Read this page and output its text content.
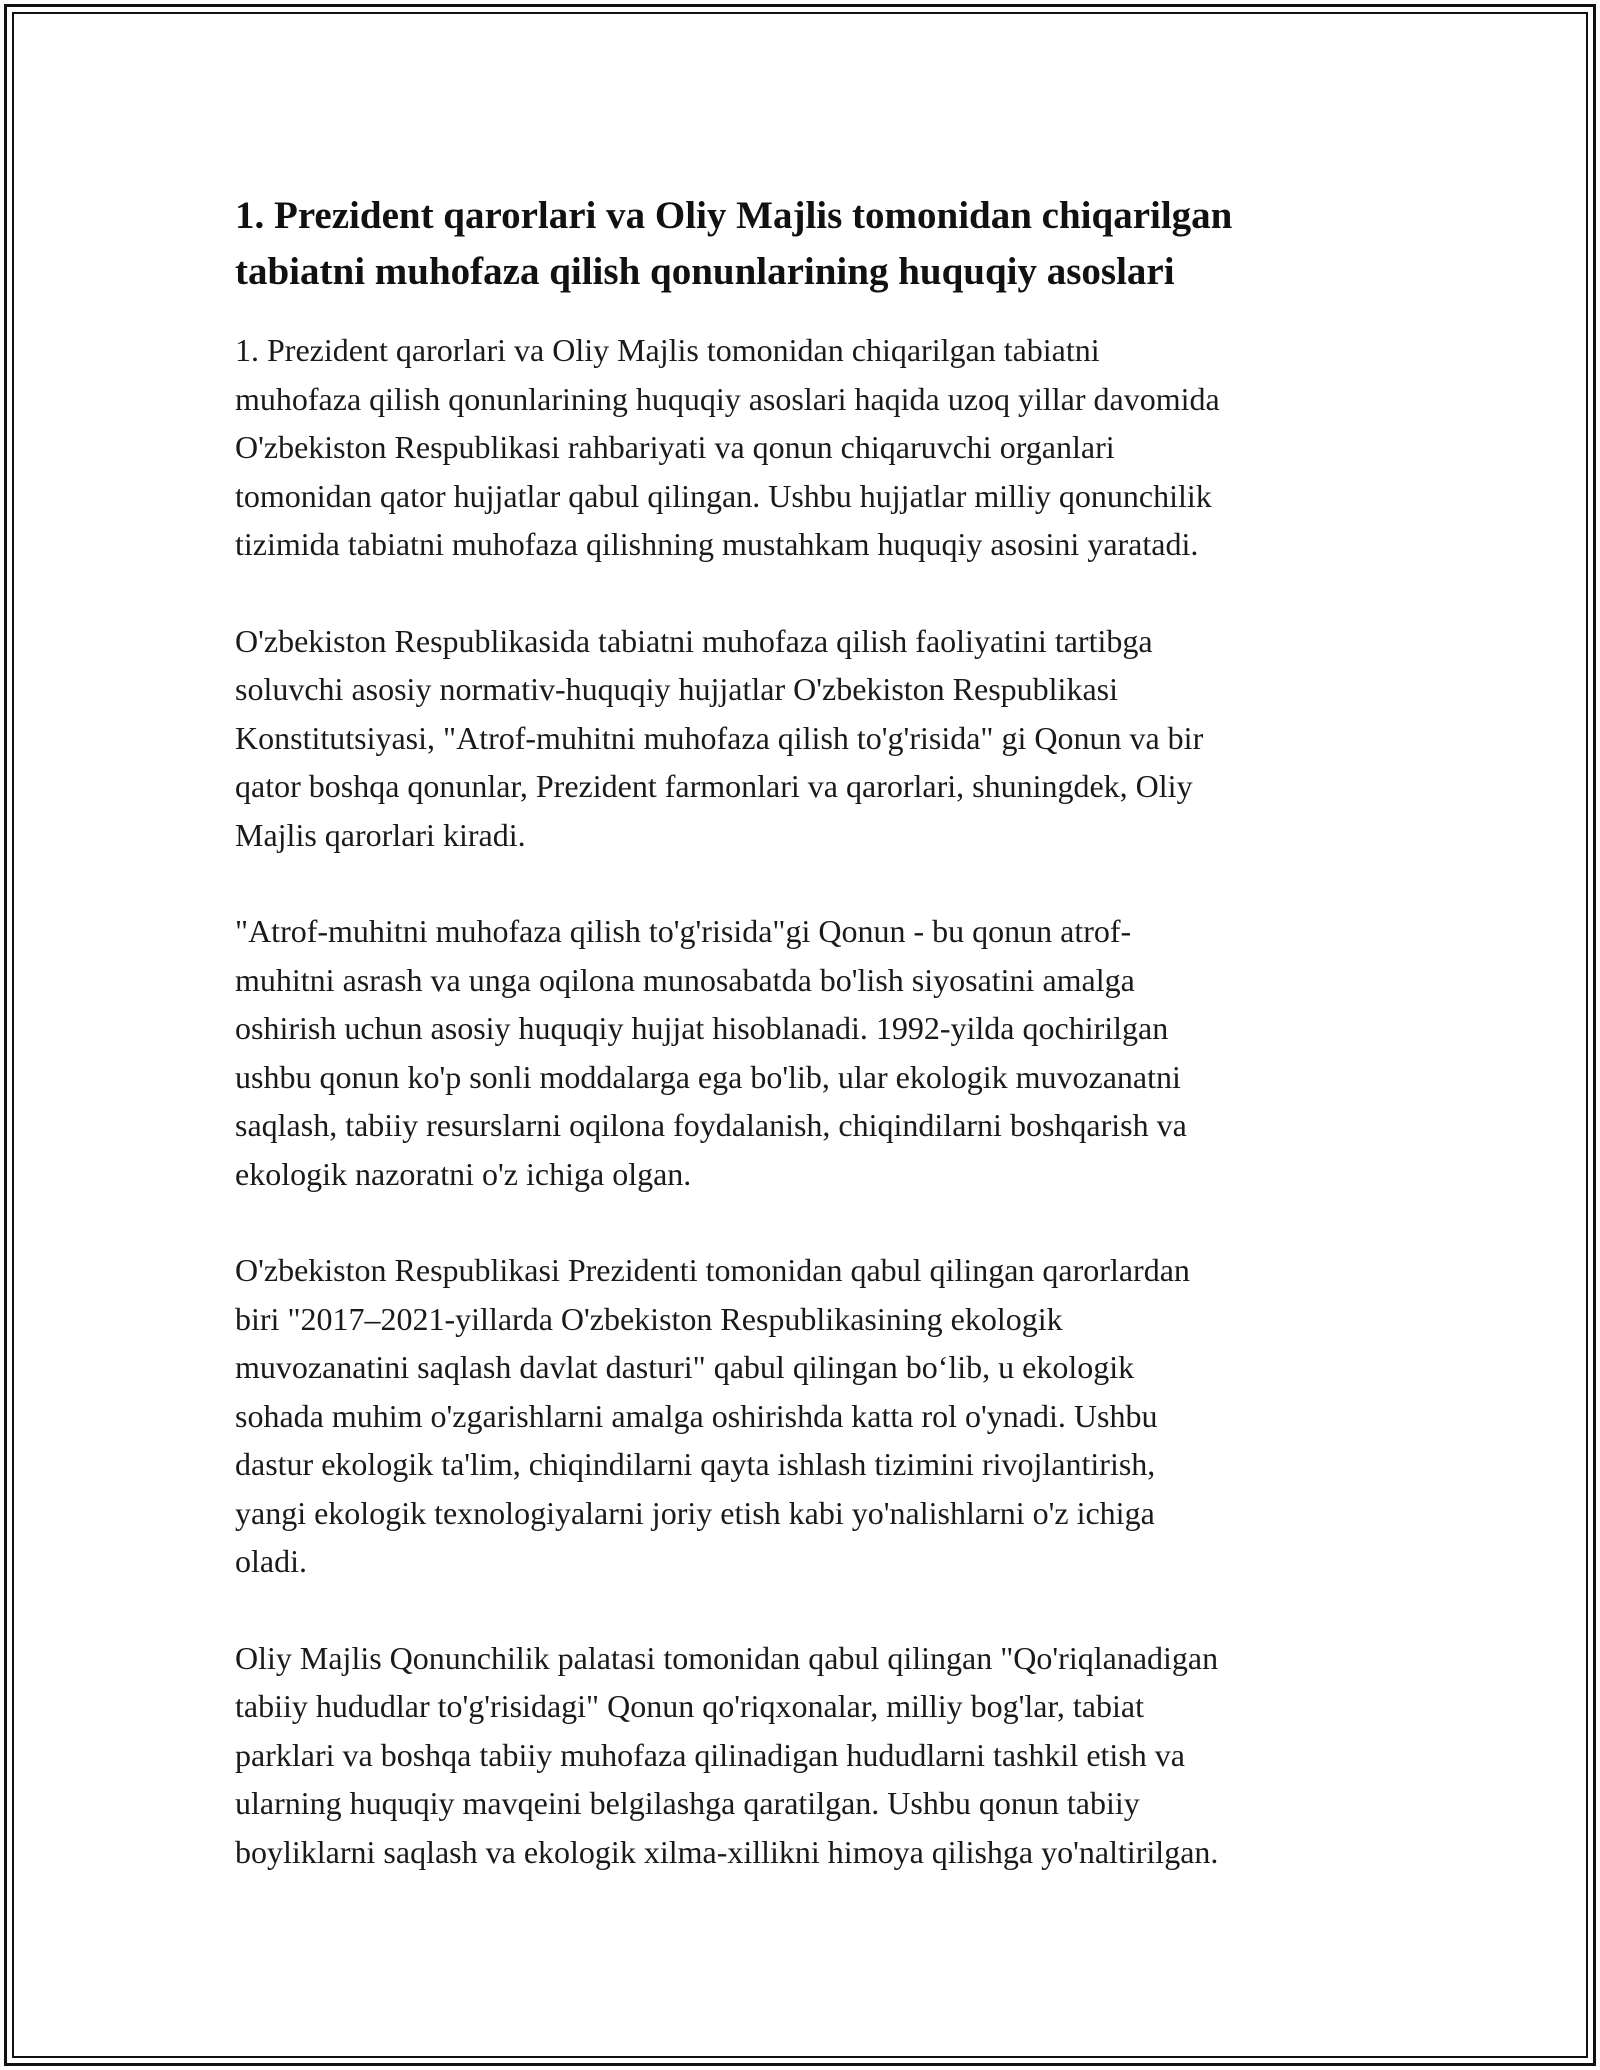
1. Prezident qarorlari va Oliy Majlis tomonidan chiqarilgan
tabiatni muhofaza qilish qonunlarining huquqiy asoslari

1. Prezident qarorlari va Oliy Majlis tomonidan chiqarilgan tabiatni
muhofaza qilish qonunlarining huquqiy asoslari haqida uzoq yillar davomida
O'zbekiston Respublikasi rahbariyati va qonun chiqaruvchi organlari
tomonidan qator hujjatlar qabul qilingan. Ushbu hujjatlar milliy qonunchilik
tizimida tabiatni muhofaza qilishning mustahkam huquqiy asosini yaratadi.

O'zbekiston Respublikasida tabiatni muhofaza qilish faoliyatini tartibga
soluvchi asosiy normativ-huquqiy hujjatlar O'zbekiston Respublikasi
Konstitutsiyasi, "Atrof-muhitni muhofaza qilish to'g'risida" gi Qonun va bir
qator boshqa qonunlar, Prezident farmonlari va qarorlari, shuningdek, Oliy
Majlis qarorlari kiradi.

"Atrof-muhitni muhofaza qilish to'g'risida"gi Qonun - bu qonun atrof-
muhitni asrash va unga oqilona munosabatda bo'lish siyosatini amalga
oshirish uchun asosiy huquqiy hujjat hisoblanadi. 1992-yilda qochirilgan
ushbu qonun ko'p sonli moddalarga ega bo'lib, ular ekologik muvozanatni
saqlash, tabiiy resurslarni oqilona foydalanish, chiqindilarni boshqarish va
ekologik nazoratni o'z ichiga olgan.

O'zbekiston Respublikasi Prezidenti tomonidan qabul qilingan qarorlardan
biri "2017–2021-yillarda O'zbekiston Respublikasining ekologik
muvozanatini saqlash davlat dasturi" qabul qilingan bo‘lib, u ekologik
sohada muhim o'zgarishlarni amalga oshirishda katta rol o'ynadi. Ushbu
dastur ekologik ta'lim, chiqindilarni qayta ishlash tizimini rivojlantirish,
yangi ekologik texnologiyalarni joriy etish kabi yo'nalishlarni o'z ichiga
oladi.

Oliy Majlis Qonunchilik palatasi tomonidan qabul qilingan "Qo'riqlanadigan
tabiiy hududlar to'g'risidagi" Qonun qo'riqxonalar, milliy bog'lar, tabiat
parklari va boshqa tabiiy muhofaza qilinadigan hududlarni tashkil etish va
ularning huquqiy mavqeini belgilashga qaratilgan. Ushbu qonun tabiiy
boyliklarni saqlash va ekologik xilma-xillikni himoya qilishga yo'naltirilgan.
